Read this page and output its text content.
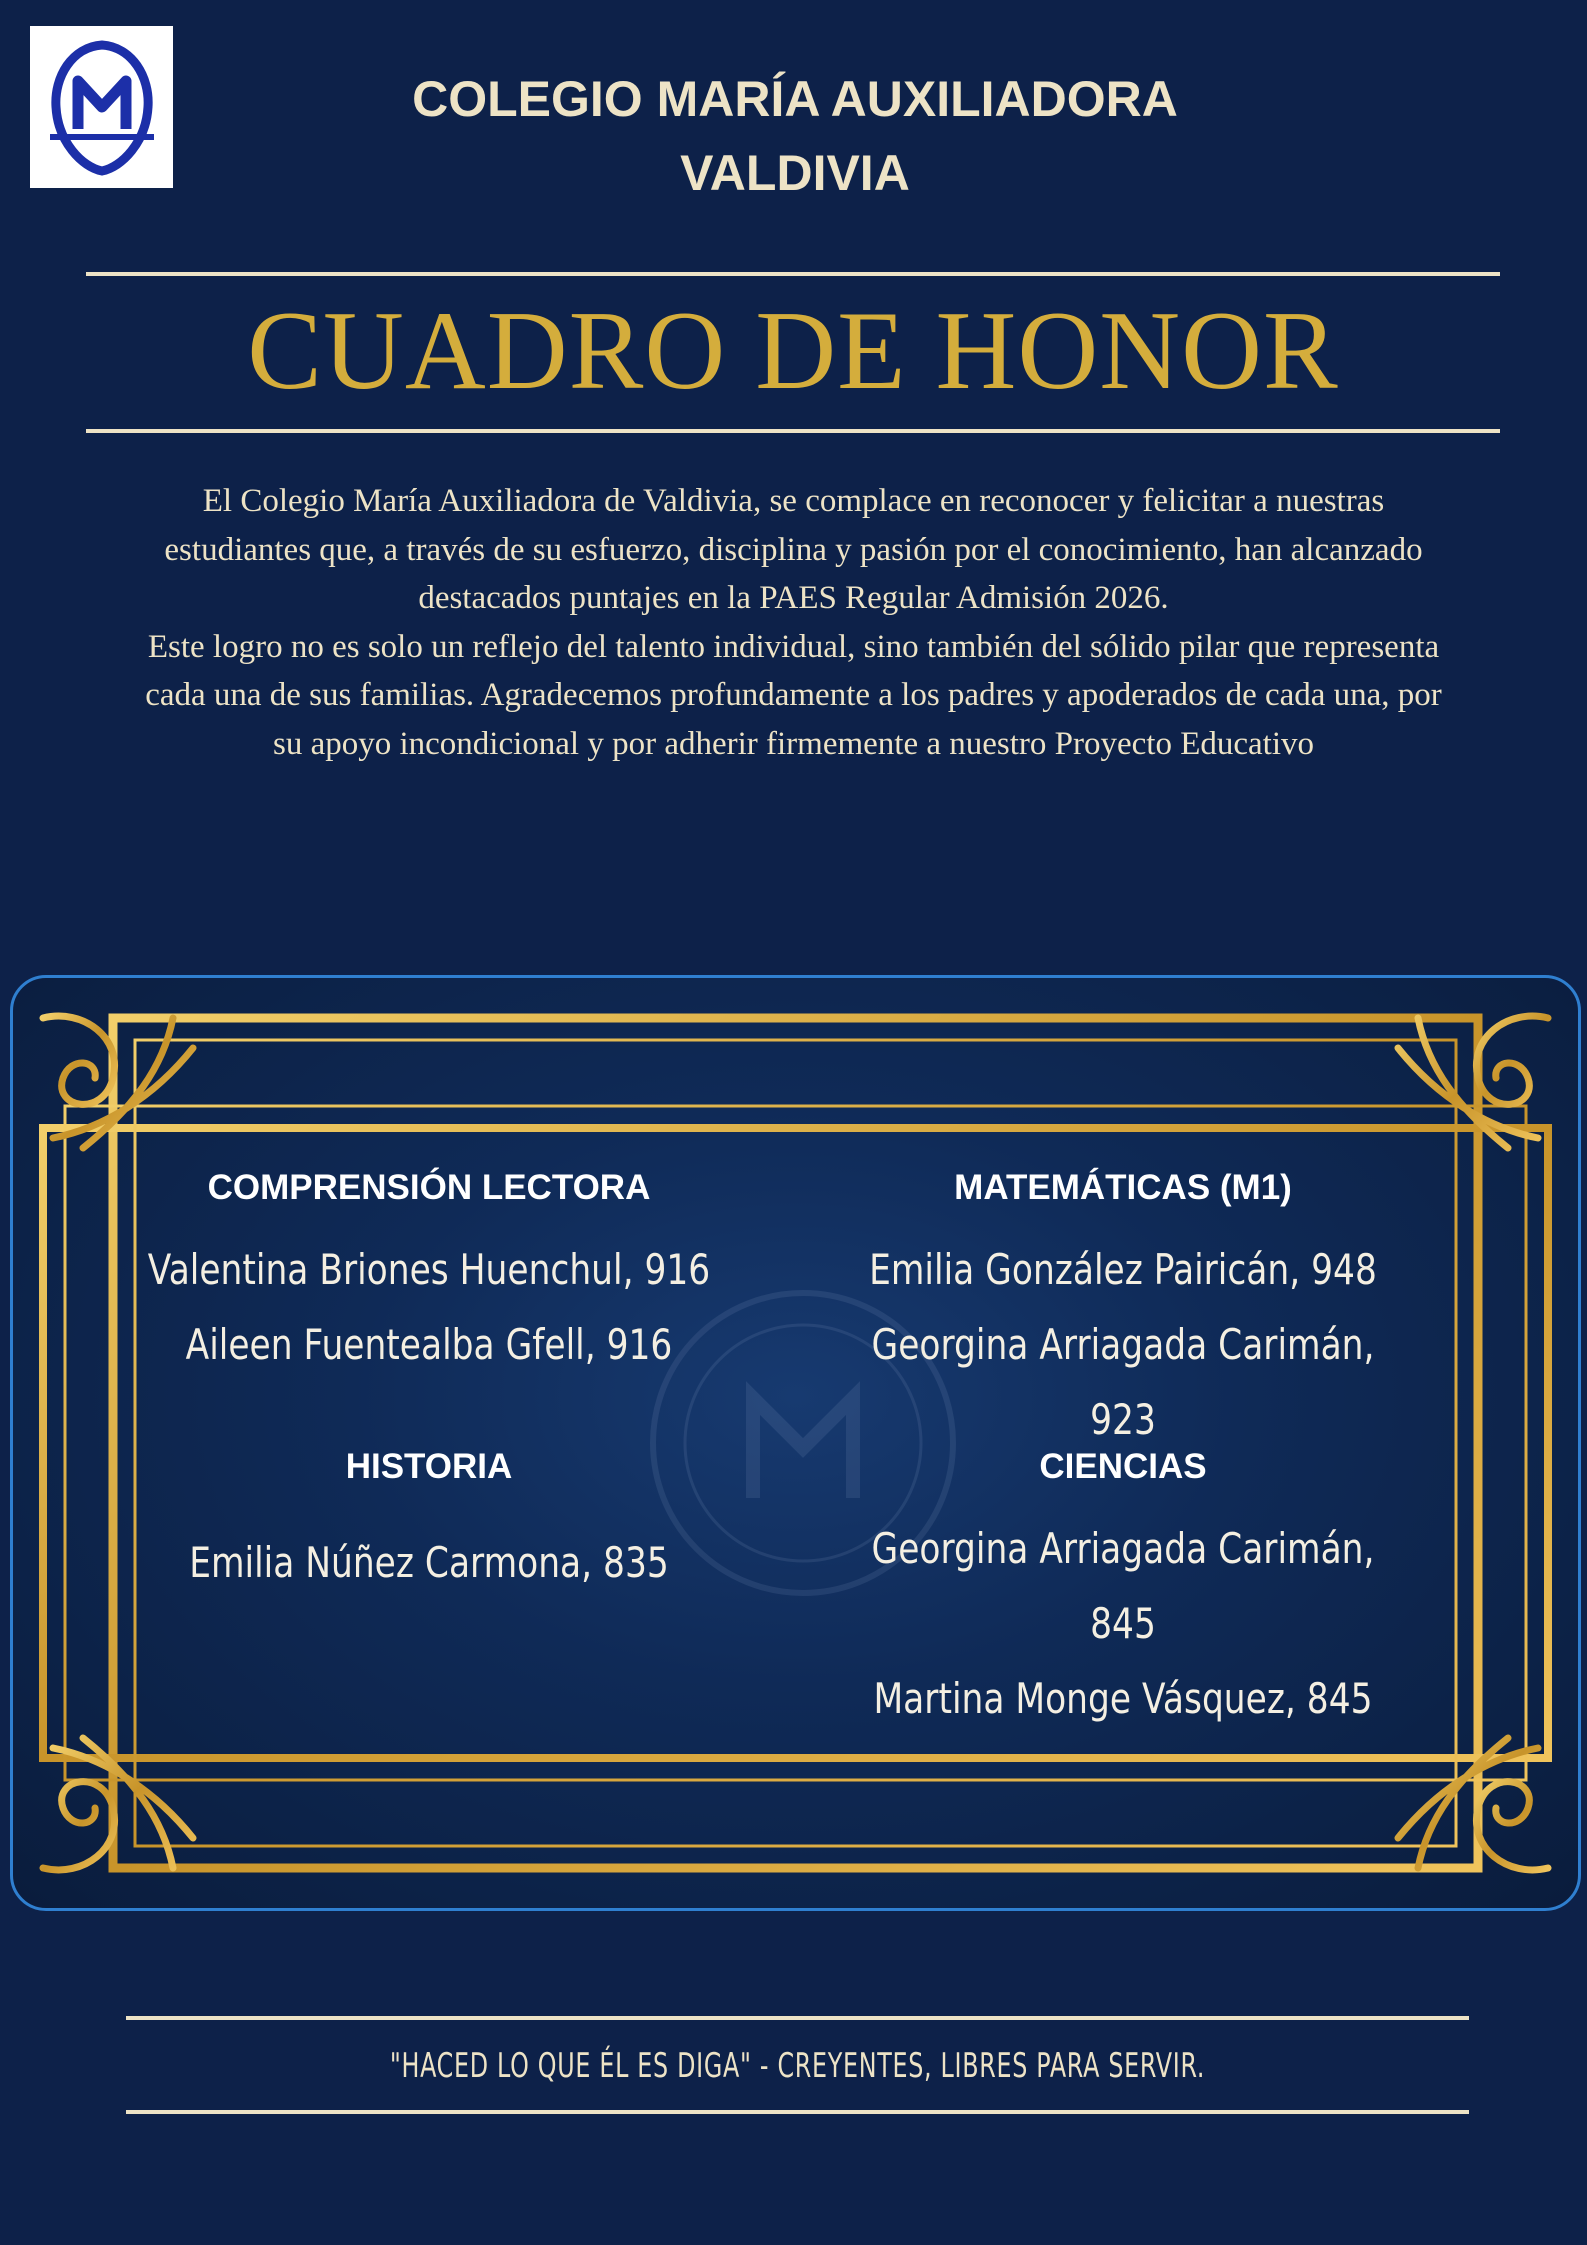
COLEGIO MARÍA AUXILIADORA
VALDIVIA
CUADRO DE HONOR

El Colegio María Auxiliadora de Valdivia, se complace en reconocer y felicitar a nuestras estudiantes que, a través de su esfuerzo, disciplina y pasión por el conocimiento, han alcanzado destacados puntajes en la PAES Regular Admisión 2026.

Este logro no es solo un reflejo del talento individual, sino también del sólido pilar que representa cada una de sus familias. Agradecemos profundamente a los padres y apoderados de cada una, por su apoyo incondicional y por adherir firmemente a nuestro Proyecto Educativo

COMPRENSIÓN LECTORA
Valentina Briones Huenchul, 916
Aileen Fuentealba Gfell, 916
MATEMÁTICAS (M1)
Emilia González Pairicán, 948
Georgina Arriagada Carimán, 923
HISTORIA
Emilia Núñez Carmona, 835
CIENCIAS
Georgina Arriagada Carimán, 845
Martina Monge Vásquez, 845
"HACED LO QUE ÉL ES DIGA" - CREYENTES, LIBRES PARA SERVIR.
